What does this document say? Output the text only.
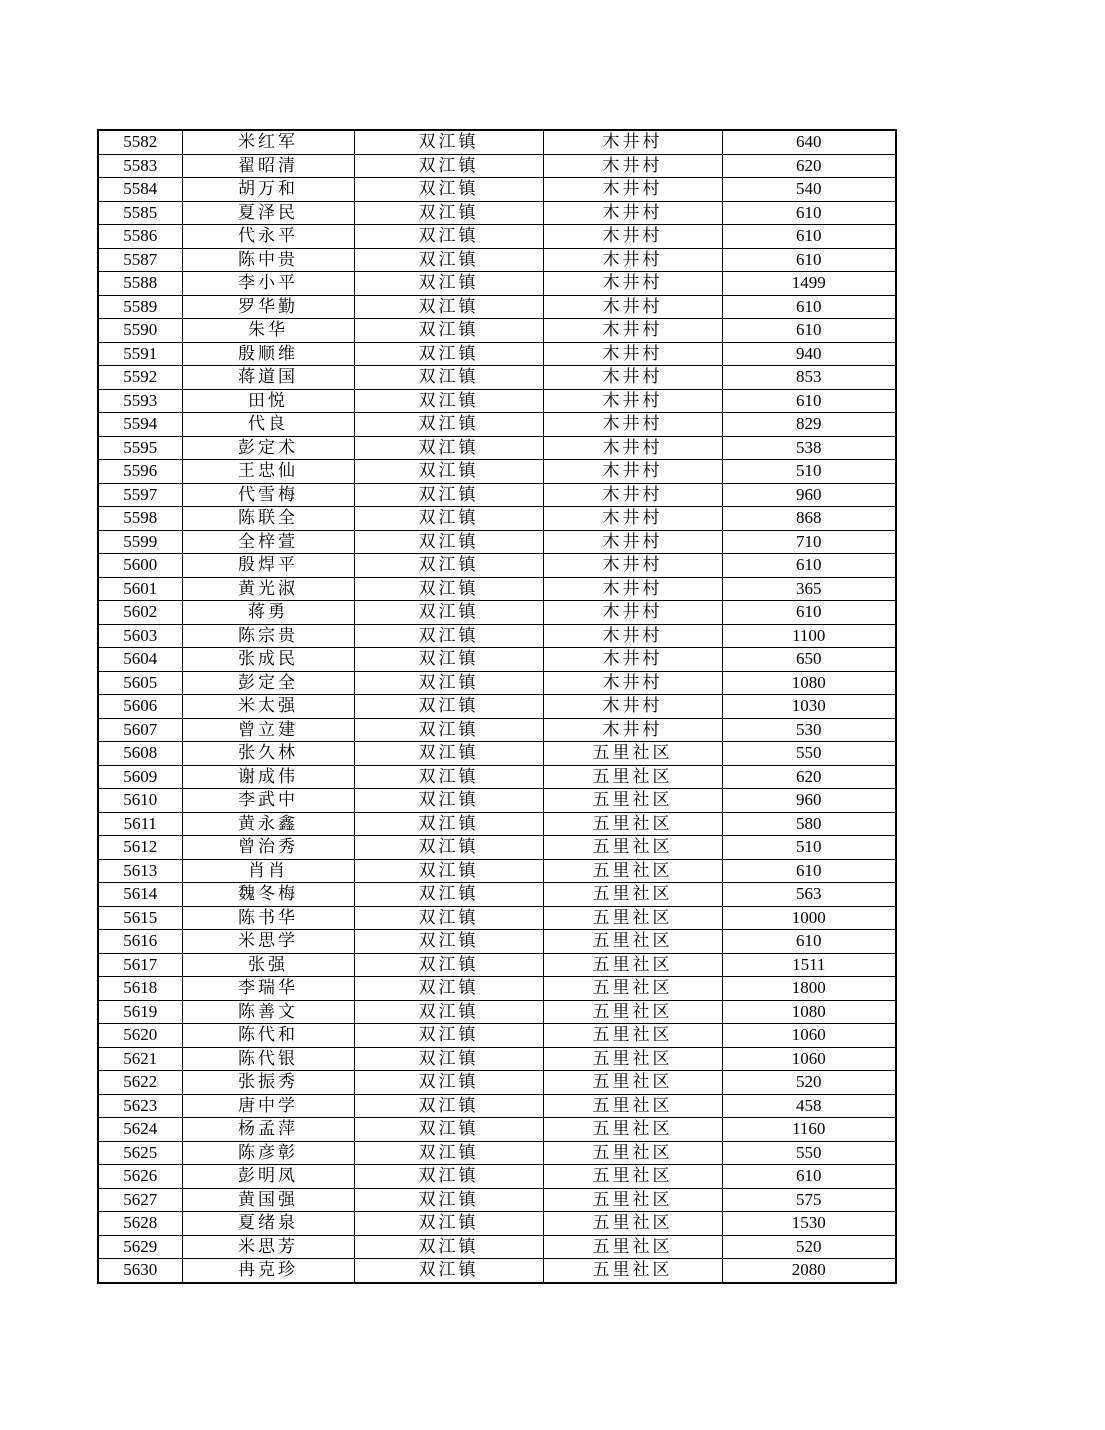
5582	米红军	双江镇	木井村	640
5583	翟昭清	双江镇	木井村	620
5584	胡万和	双江镇	木井村	540
5585	夏泽民	双江镇	木井村	610
5586	代永平	双江镇	木井村	610
5587	陈中贵	双江镇	木井村	610
5588	李小平	双江镇	木井村	1499
5589	罗华勤	双江镇	木井村	610
5590	朱华	双江镇	木井村	610
5591	殷顺维	双江镇	木井村	940
5592	蒋道国	双江镇	木井村	853
5593	田悦	双江镇	木井村	610
5594	代良	双江镇	木井村	829
5595	彭定术	双江镇	木井村	538
5596	王忠仙	双江镇	木井村	510
5597	代雪梅	双江镇	木井村	960
5598	陈联全	双江镇	木井村	868
5599	全梓萱	双江镇	木井村	710
5600	殷焊平	双江镇	木井村	610
5601	黄光淑	双江镇	木井村	365
5602	蒋勇	双江镇	木井村	610
5603	陈宗贵	双江镇	木井村	1100
5604	张成民	双江镇	木井村	650
5605	彭定全	双江镇	木井村	1080
5606	米太强	双江镇	木井村	1030
5607	曾立建	双江镇	木井村	530
5608	张久林	双江镇	五里社区	550
5609	谢成伟	双江镇	五里社区	620
5610	李武中	双江镇	五里社区	960
5611	黄永鑫	双江镇	五里社区	580
5612	曾治秀	双江镇	五里社区	510
5613	肖肖	双江镇	五里社区	610
5614	魏冬梅	双江镇	五里社区	563
5615	陈书华	双江镇	五里社区	1000
5616	米思学	双江镇	五里社区	610
5617	张强	双江镇	五里社区	1511
5618	李瑞华	双江镇	五里社区	1800
5619	陈善文	双江镇	五里社区	1080
5620	陈代和	双江镇	五里社区	1060
5621	陈代银	双江镇	五里社区	1060
5622	张振秀	双江镇	五里社区	520
5623	唐中学	双江镇	五里社区	458
5624	杨孟萍	双江镇	五里社区	1160
5625	陈彦彰	双江镇	五里社区	550
5626	彭明凤	双江镇	五里社区	610
5627	黄国强	双江镇	五里社区	575
5628	夏绪泉	双江镇	五里社区	1530
5629	米思芳	双江镇	五里社区	520
5630	冉克珍	双江镇	五里社区	2080
